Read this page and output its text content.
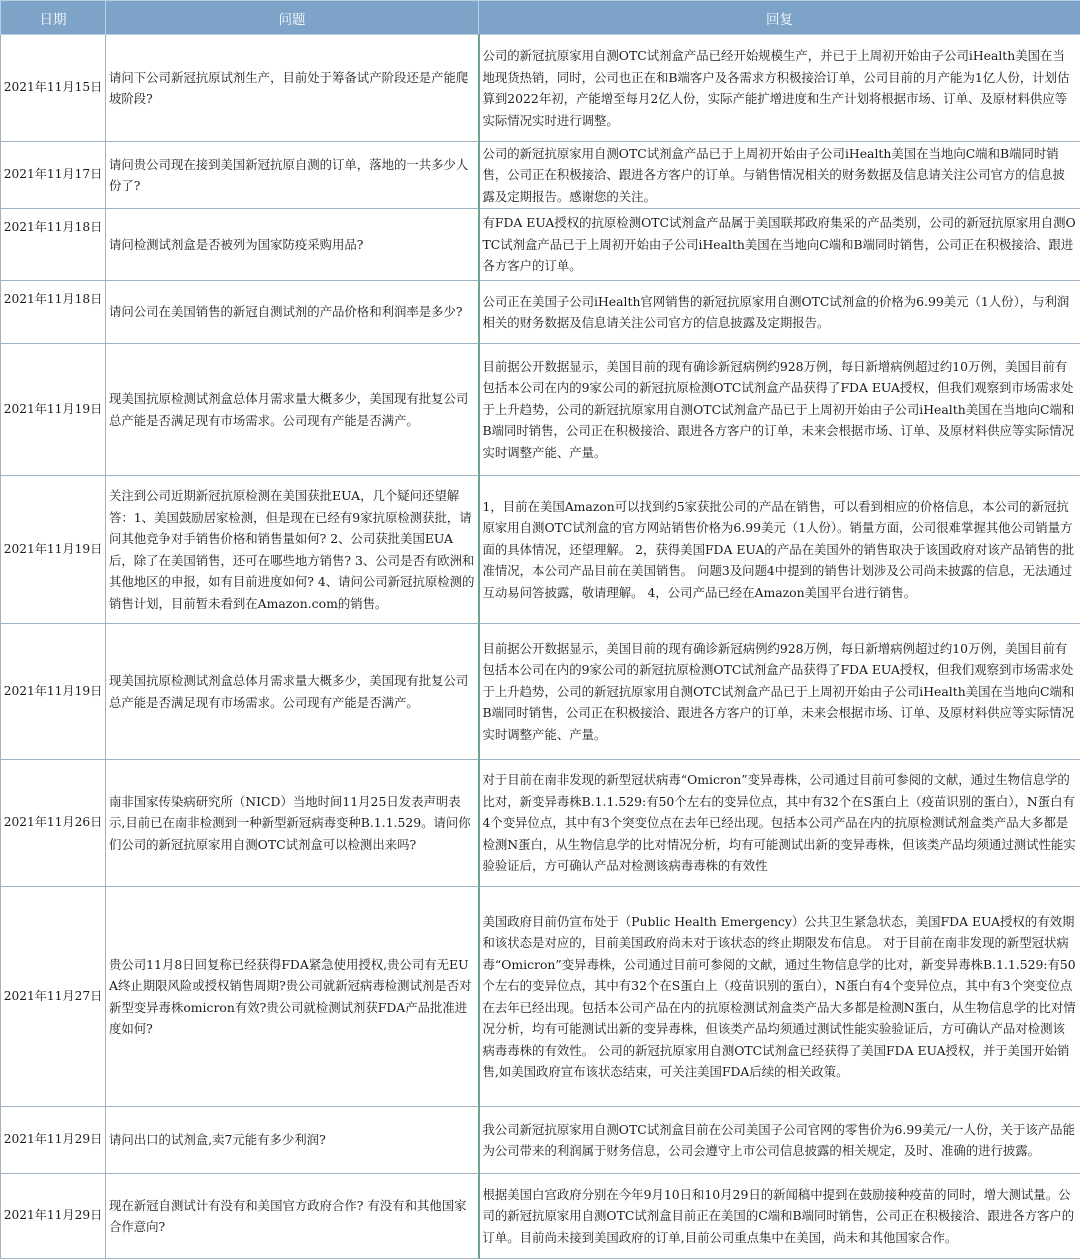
日期	问题	回复
2021年11月15日	请问下公司新冠抗原试剂生产，目前处于筹备试产阶段还是产能爬坡阶段?	公司的新冠抗原家用自测OTC试剂盒产品已经开始规模生产，并已于上周初开始由子公司iHealth美国在当地现货热销，同时，公司也正在和B端客户及各需求方积极接洽订单，公司目前的月产能为1亿人份，计划估算到2022年初，产能增至每月2亿人份，实际产能扩增进度和生产计划将根据市场、订单、及原材料供应等实际情况实时进行调整。
2021年11月17日	请问贵公司现在接到美国新冠抗原自测的订单，落地的一共多少人份了?	公司的新冠抗原家用自测OTC试剂盒产品已于上周初开始由子公司iHealth美国在当地向C端和B端同时销售，公司正在积极接洽、跟进各方客户的订单。与销售情况相关的财务数据及信息请关注公司官方的信息披露及定期报告。感谢您的关注。
2021年11月18日	请问检测试剂盒是否被列为国家防疫采购用品?	有FDA EUA授权的抗原检测OTC试剂盒产品属于美国联邦政府集采的产品类别，公司的新冠抗原家用自测OTC试剂盒产品已于上周初开始由子公司iHealth美国在当地向C端和B端同时销售，公司正在积极接洽、跟进各方客户的订单。
2021年11月18日	请问公司在美国销售的新冠自测试剂的产品价格和利润率是多少?	公司正在美国子公司iHealth官网销售的新冠抗原家用自测OTC试剂盒的价格为6.99美元（1人份），与利润相关的财务数据及信息请关注公司官方的信息披露及定期报告。
2021年11月19日	现美国抗原检测试剂盒总体月需求量大概多少，美国现有批复公司总产能是否满足现有市场需求。公司现有产能是否满产。	目前据公开数据显示，美国目前的现有确诊新冠病例约928万例，每日新增病例超过约10万例，美国目前有包括本公司在内的9家公司的新冠抗原检测OTC试剂盒产品获得了FDA EUA授权，但我们观察到市场需求处于上升趋势，公司的新冠抗原家用自测OTC试剂盒产品已于上周初开始由子公司iHealth美国在当地向C端和B端同时销售，公司正在积极接洽、跟进各方客户的订单，未来会根据市场、订单、及原材料供应等实际情况实时调整产能、产量。
2021年11月19日	关注到公司近期新冠抗原检测在美国获批EUA，几个疑问还望解答：1、美国鼓励居家检测，但是现在已经有9家抗原检测获批，请问其他竞争对手销售价格和销售量如何? 2、公司获批美国EUA后，除了在美国销售，还可在哪些地方销售? 3、公司是否有欧洲和其他地区的申报，如有目前进度如何? 4、请问公司新冠抗原检测的销售计划，目前暂未看到在Amazon.com的销售。	1，目前在美国Amazon可以找到约5家获批公司的产品在销售，可以看到相应的价格信息，本公司的新冠抗原家用自测OTC试剂盒的官方网站销售价格为6.99美元（1人份）。销量方面，公司很难掌握其他公司销量方面的具体情况，还望理解。 2，获得美国FDA EUA的产品在美国外的销售取决于该国政府对该产品销售的批准情况，本公司产品目前在美国销售。 问题3及问题4中提到的销售计划涉及公司尚未披露的信息，无法通过互动易问答披露，敬请理解。 4，公司产品已经在Amazon美国平台进行销售。
2021年11月19日	现美国抗原检测试剂盒总体月需求量大概多少，美国现有批复公司总产能是否满足现有市场需求。公司现有产能是否满产。	目前据公开数据显示，美国目前的现有确诊新冠病例约928万例，每日新增病例超过约10万例，美国目前有包括本公司在内的9家公司的新冠抗原检测OTC试剂盒产品获得了FDA EUA授权，但我们观察到市场需求处于上升趋势，公司的新冠抗原家用自测OTC试剂盒产品已于上周初开始由子公司iHealth美国在当地向C端和B端同时销售，公司正在积极接洽、跟进各方客户的订单，未来会根据市场、订单、及原材料供应等实际情况实时调整产能、产量。
2021年11月26日	南非国家传染病研究所（NICD）当地时间11月25日发表声明表示,目前已在南非检测到一种新型新冠病毒变种B.1.1.529。请问你们公司的新冠抗原家用自测OTC试剂盒可以检测出来吗?	对于目前在南非发现的新型冠状病毒“Omicron”变异毒株，公司通过目前可参阅的文献，通过生物信息学的比对，新变异毒株B.1.1.529:有50个左右的变异位点，其中有32个在S蛋白上（疫苗识别的蛋白），N蛋白有4个变异位点，其中有3个突变位点在去年已经出现。包括本公司产品在内的抗原检测试剂盒类产品大多都是检测N蛋白，从生物信息学的比对情况分析，均有可能测试出新的变异毒株，但该类产品均须通过测试性能实验验证后，方可确认产品对检测该病毒毒株的有效性
2021年11月27日	贵公司11月8日回复称已经获得FDA紧急使用授权,贵公司有无EUA终止期限风险或授权销售周期?贵公司就新冠病毒检测试剂是否对新型变异毒株omicron有效?贵公司就检测试剂获FDA产品批准进度如何?	美国政府目前仍宣布处于（Public Health Emergency）公共卫生紧急状态，美国FDA EUA授权的有效期和该状态是对应的，目前美国政府尚未对于该状态的终止期限发布信息。 对于目前在南非发现的新型冠状病毒“Omicron”变异毒株，公司通过目前可参阅的文献，通过生物信息学的比对，新变异毒株B.1.1.529:有50个左右的变异位点，其中有32个在S蛋白上（疫苗识别的蛋白），N蛋白有4个变异位点，其中有3个突变位点在去年已经出现。包括本公司产品在内的抗原检测试剂盒类产品大多都是检测N蛋白，从生物信息学的比对情况分析，均有可能测试出新的变异毒株，但该类产品均须通过测试性能实验验证后，方可确认产品对检测该病毒毒株的有效性。 公司的新冠抗原家用自测OTC试剂盒已经获得了美国FDA EUA授权，并于美国开始销售,如美国政府宣布该状态结束，可关注美国FDA后续的相关政策。
2021年11月29日	请问出口的试剂盒,卖7元能有多少利润?	我公司新冠抗原家用自测OTC试剂盒目前在公司美国子公司官网的零售价为6.99美元/一人份，关于该产品能为公司带来的利润属于财务信息，公司会遵守上市公司信息披露的相关规定，及时、准确的进行披露。
2021年11月29日	现在新冠自测试计有没有和美国官方政府合作? 有没有和其他国家合作意向?	根据美国白宫政府分别在今年9月10日和10月29日的新闻稿中提到在鼓励接种疫苗的同时，增大测试量。公司的新冠抗原家用自测OTC试剂盒目前正在美国的C端和B端同时销售，公司正在积极接洽、跟进各方客户的订单。目前尚未接到美国政府的订单,目前公司重点集中在美国，尚未和其他国家合作。
